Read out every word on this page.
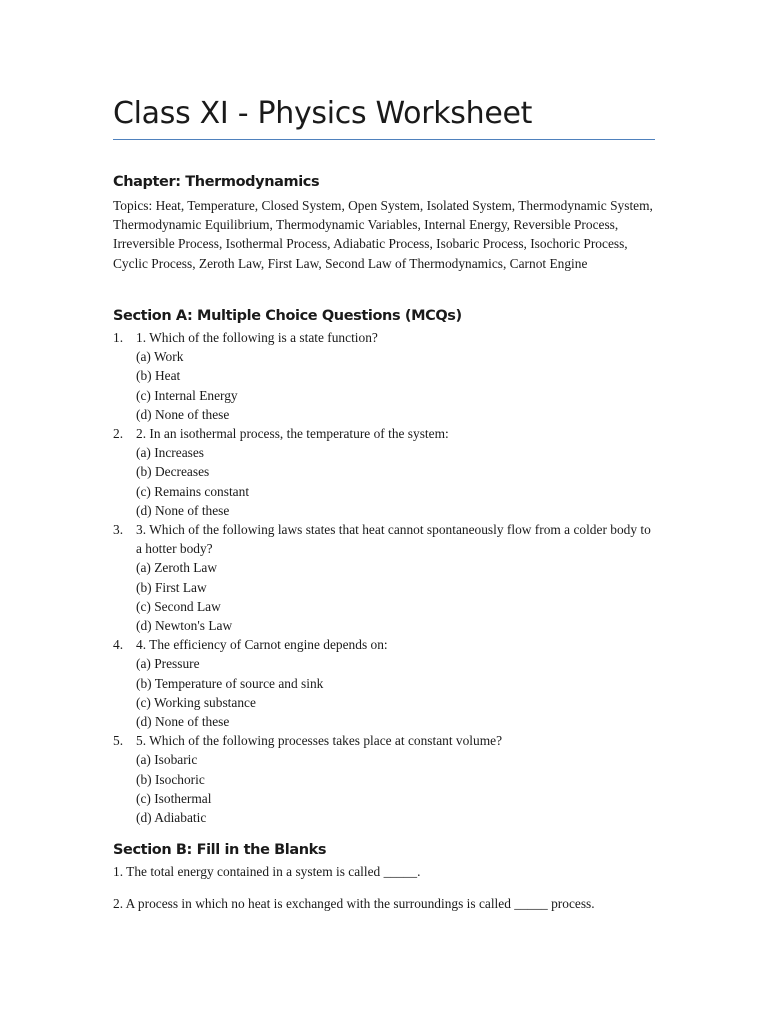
Class XI - Physics Worksheet
Chapter: Thermodynamics

Topics: Heat, Temperature, Closed System, Open System, Isolated System, Thermodynamic System, Thermodynamic Equilibrium, Thermodynamic Variables, Internal Energy, Reversible Process, Irreversible Process, Isothermal Process, Adiabatic Process, Isobaric Process, Isochoric Process, Cyclic Process, Zeroth Law, First Law, Second Law of Thermodynamics, Carnot Engine

Section A: Multiple Choice Questions (MCQs)
1. 1. Which of the following is a state function?
(a) Work
(b) Heat
(c) Internal Energy
(d) None of these
2. 2. In an isothermal process, the temperature of the system:
(a) Increases
(b) Decreases
(c) Remains constant
(d) None of these
3. 3. Which of the following laws states that heat cannot spontaneously flow from a colder body to a hotter body?
(a) Zeroth Law
(b) First Law
(c) Second Law
(d) Newton's Law
4. 4. The efficiency of Carnot engine depends on:
(a) Pressure
(b) Temperature of source and sink
(c) Working substance
(d) None of these
5. 5. Which of the following processes takes place at constant volume?
(a) Isobaric
(b) Isochoric
(c) Isothermal
(d) Adiabatic
Section B: Fill in the Blanks

1. The total energy contained in a system is called _____.

2. A process in which no heat is exchanged with the surroundings is called _____ process.
